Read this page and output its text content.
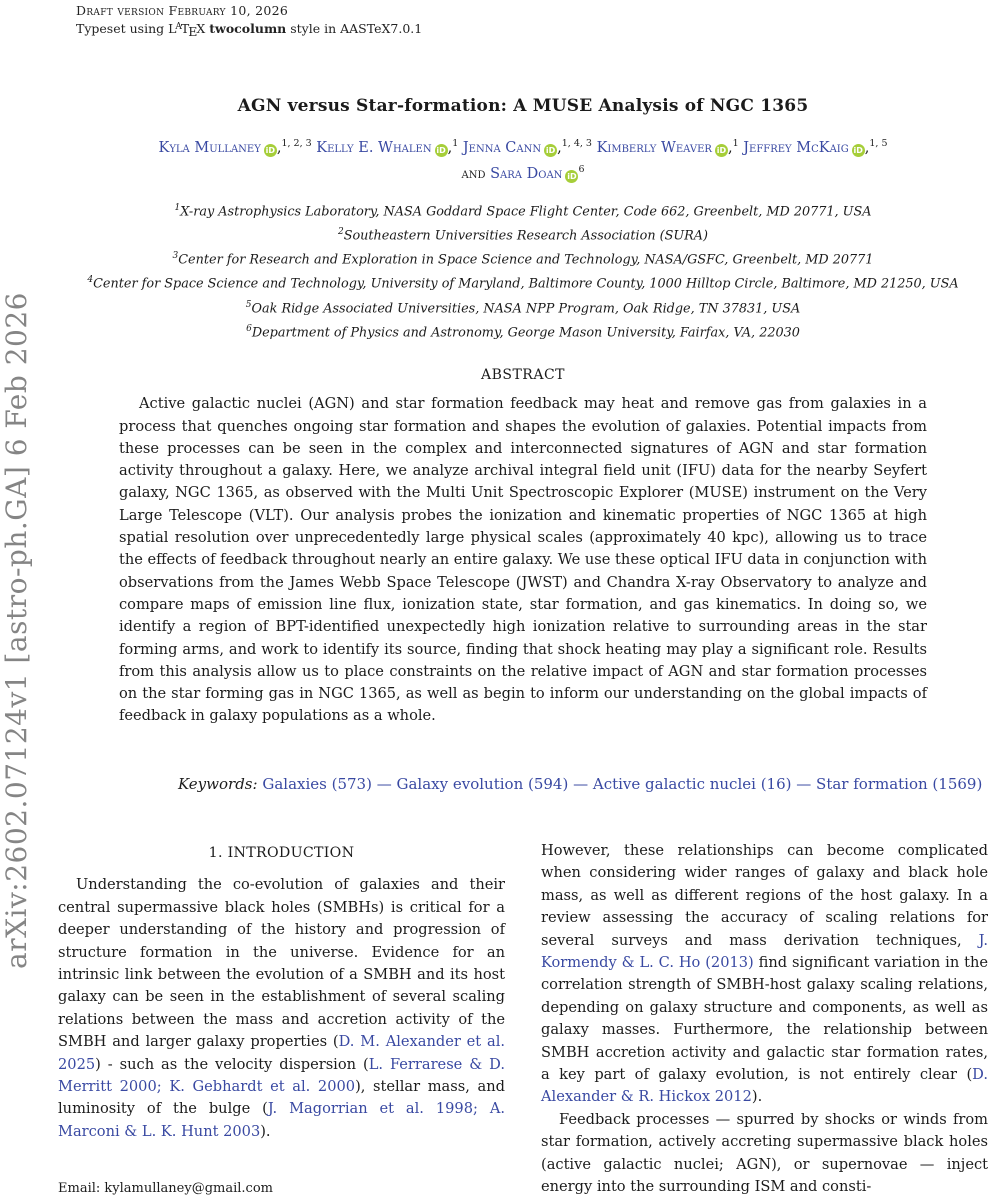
Draft version February 10, 2026
Typeset using $L^ATEX$ twocolumn style in AASTeX7.0.1
arXiv:2602.07124v1 [astro-ph.GA] 6 Feb 2026
AGN versus Star-formation: A MUSE Analysis of NGC 1365
Kyla Mullaney iD ,$^{1, 2, 3}$ Kelly E. Whalen iD ,$^1$ Jenna Cann iD ,$^{1, 4, 3}$ Kimberly Weaver iD ,$^1$ Jeffrey McKaig iD ,$^{1, 5}$
and Sara Doan $iD^6$
$^1$X-ray Astrophysics Laboratory, NASA Goddard Space Flight Center, Code 662, Greenbelt, MD 20771, USA
$^2$Southeastern Universities Research Association (SURA)
$^3$Center for Research and Exploration in Space Science and Technology, NASA/GSFC, Greenbelt, MD 20771
$^4$Center for Space Science and Technology, University of Maryland, Baltimore County, 1000 Hilltop Circle, Baltimore, MD 21250, USA
$^5$Oak Ridge Associated Universities, NASA NPP Program, Oak Ridge, TN 37831, USA
$^6$Department of Physics and Astronomy, George Mason University, Fairfax, VA, 22030
ABSTRACT
Active galactic nuclei (AGN) and star formation feedback may heat and remove gas from galaxies in a process that quenches ongoing star formation and shapes the evolution of galaxies. Potential impacts from these processes can be seen in the complex and interconnected signatures of AGN and star formation activity throughout a galaxy. Here, we analyze archival integral field unit (IFU) data for the nearby Seyfert galaxy, NGC 1365, as observed with the Multi Unit Spectroscopic Explorer (MUSE) instrument on the Very Large Telescope (VLT). Our analysis probes the ionization and kinematic properties of NGC 1365 at high spatial resolution over unprecedentedly large physical scales (approximately 40 kpc), allowing us to trace the effects of feedback throughout nearly an entire galaxy. We use these optical IFU data in conjunction with observations from the James Webb Space Telescope (JWST) and Chandra X-ray Observatory to analyze and compare maps of emission line flux, ionization state, star formation, and gas kinematics. In doing so, we identify a region of BPT-identified unexpectedly high ionization relative to surrounding areas in the star forming arms, and work to identify its source, finding that shock heating may play a significant role. Results from this analysis allow us to place constraints on the relative impact of AGN and star formation processes on the star forming gas in NGC 1365, as well as begin to inform our understanding on the global impacts of feedback in galaxy populations as a whole.
Keywords: Galaxies (573) — Galaxy evolution (594) — Active galactic nuclei (16) — Star formation (1569)
1. INTRODUCTION

Understanding the co-evolution of galaxies and their central supermassive black holes (SMBHs) is critical for a deeper understanding of the history and progression of structure formation in the universe. Evidence for an intrinsic link between the evolution of a SMBH and its host galaxy can be seen in the establishment of several scaling relations between the mass and accretion activity of the SMBH and larger galaxy properties (D. M. Alexander et al. 2025) - such as the velocity dispersion (L. Ferrarese & D. Merritt 2000; K. Gebhardt et al. 2000), stellar mass, and luminosity of the bulge (J. Magorrian et al. 1998; A. Marconi & L. K. Hunt 2003).

Email: kylamullaney@gmail.com

However, these relationships can become complicated when considering wider ranges of galaxy and black hole mass, as well as different regions of the host galaxy. In a review assessing the accuracy of scaling relations for several surveys and mass derivation techniques, J. Kormendy & L. C. Ho (2013) find significant variation in the correlation strength of SMBH-host galaxy scaling relations, depending on galaxy structure and components, as well as galaxy masses. Furthermore, the relationship between SMBH accretion activity and galactic star formation rates, a key part of galaxy evolution, is not entirely clear (D. Alexander & R. Hickox 2012).

Feedback processes — spurred by shocks or winds from star formation, actively accreting supermassive black holes (active galactic nuclei; AGN), or supernovae — inject energy into the surrounding ISM and consti-
